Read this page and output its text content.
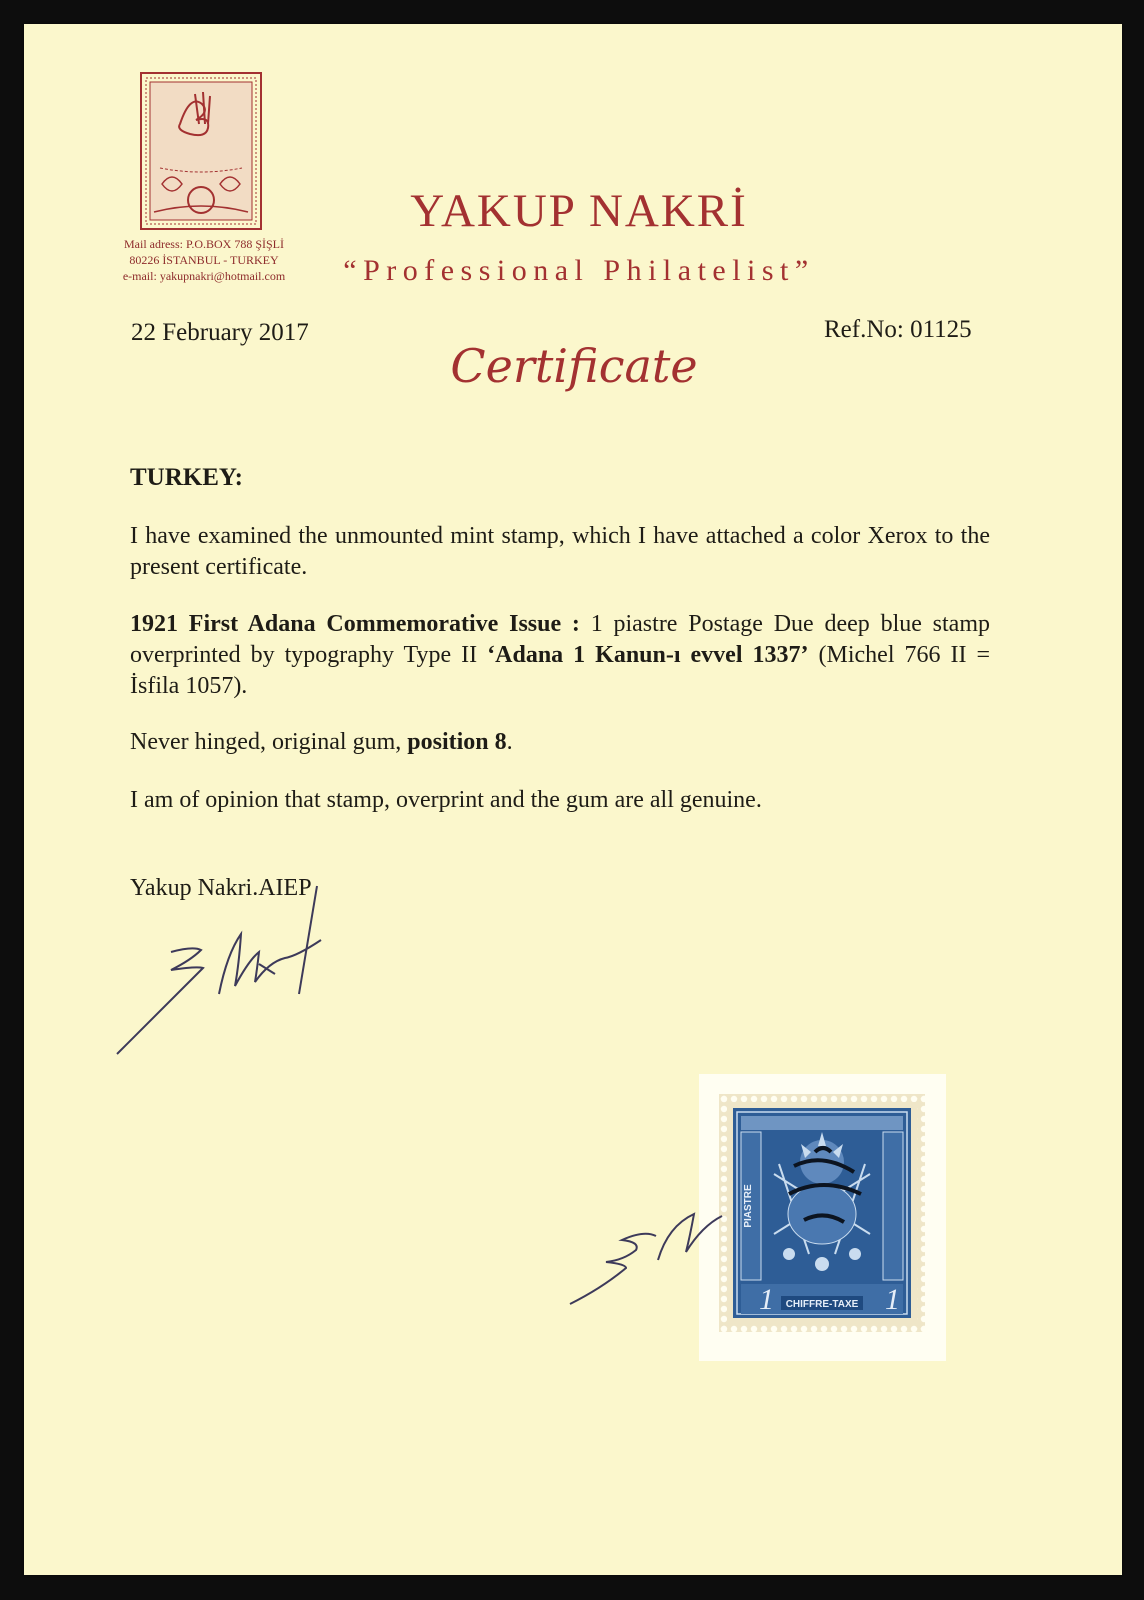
Mail adress: P.O.BOX 788 ŞİŞLİ
80226 İSTANBUL - TURKEY
e-mail: yakupnakri@hotmail.com
YAKUP NAKRİ
“Professional Philatelist”
22 February 2017	Ref.No: 01125
Certificate
TURKEY:
I have examined the unmounted mint stamp, which I have attached a color Xerox to the present certificate.
1921 First Adana Commemorative Issue : 1 piastre Postage Due deep blue stamp overprinted by typography Type II ‘Adana 1 Kanun-ı evvel 1337’ (Michel 766 II = İsfila 1057).
Never hinged, original gum, position 8.
I am of opinion that stamp, overprint and the gum are all genuine.
Yakup Nakri.AIEP
PIASTRE
1	1
CHIFFRE-TAXE
